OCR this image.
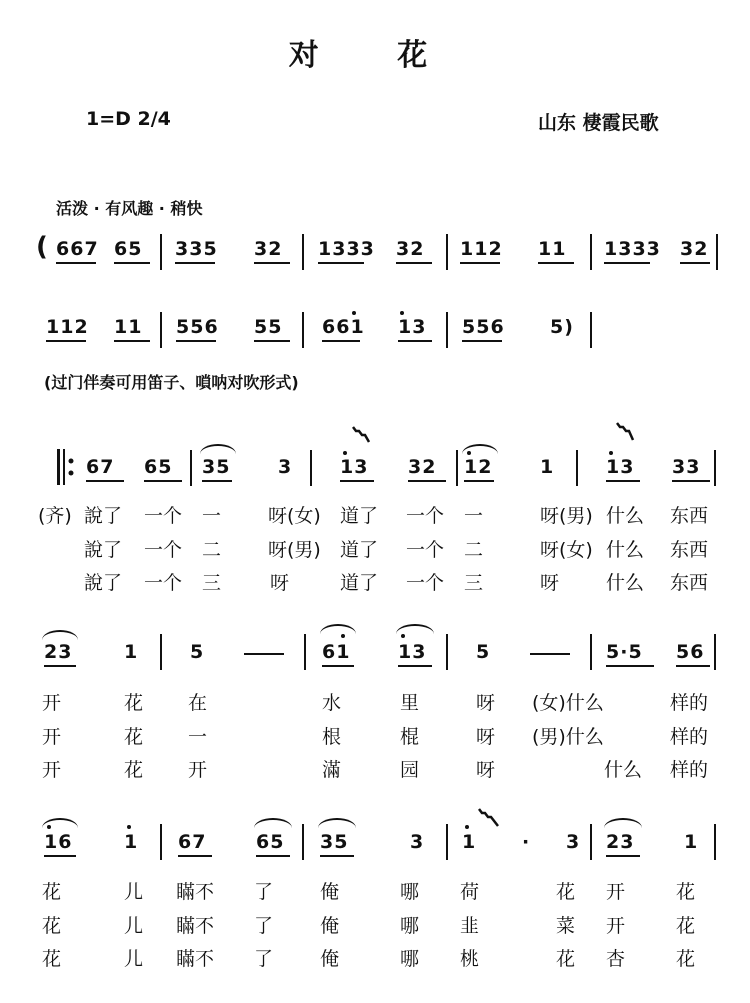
对 花
1=D 2/4	山东 棲霞民歌
活泼 · 有风趣 · 稍快
(过门伴奏可用笛子、嗩呐对吹形式)
( 667 65 335 32 1333 32 112 11 1333 32
112 11 556 55 661 13 556 5)
67 65 35	3	13 32 12	1	13 33
(齐) 說了 一个 一 呀(女) 道了 一个 一	呀(男) 什么 东西
說了 一个 二 呀(男) 道了 一个 二	呀(女) 什么 东西
說了 一个 三	呀	道了 一个 三	呀 什么 东西
23	1	5	61	13	5	5·5 56
开	花 在	水	里	呀 (女)什么	样的
开	花 一	根	棍	呀 (男)什么	样的
开	花 开	滿	园	呀	什么 样的
16	1 67	65 35	3 1 · 3 23	1
花	儿 瞞不 了 俺	哪 荷	花 开	花
花	儿 瞞不 了 俺	哪 韭	菜 开	花
花	儿 瞞不 了 俺	哪 桃	花 杏	花
